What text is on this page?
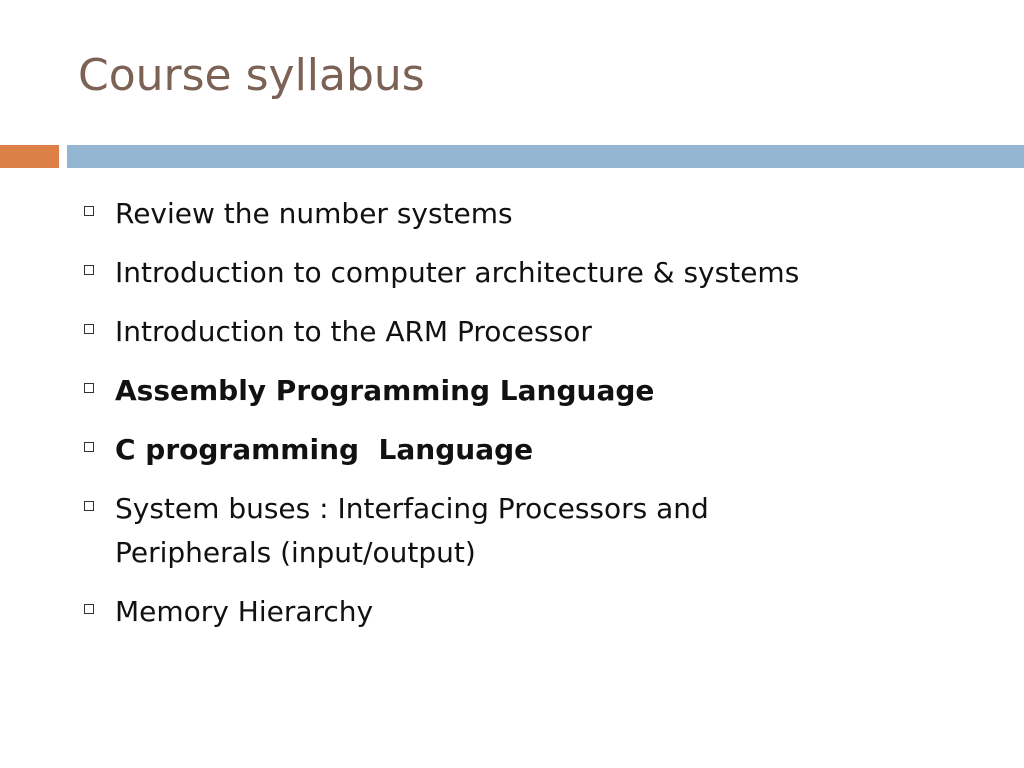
Course syllabus
Review the number systems
Introduction to computer architecture & systems
Introduction to the ARM Processor
Assembly Programming Language
C programming  Language
System buses : Interfacing Processors and Peripherals (input/output)
Memory Hierarchy
